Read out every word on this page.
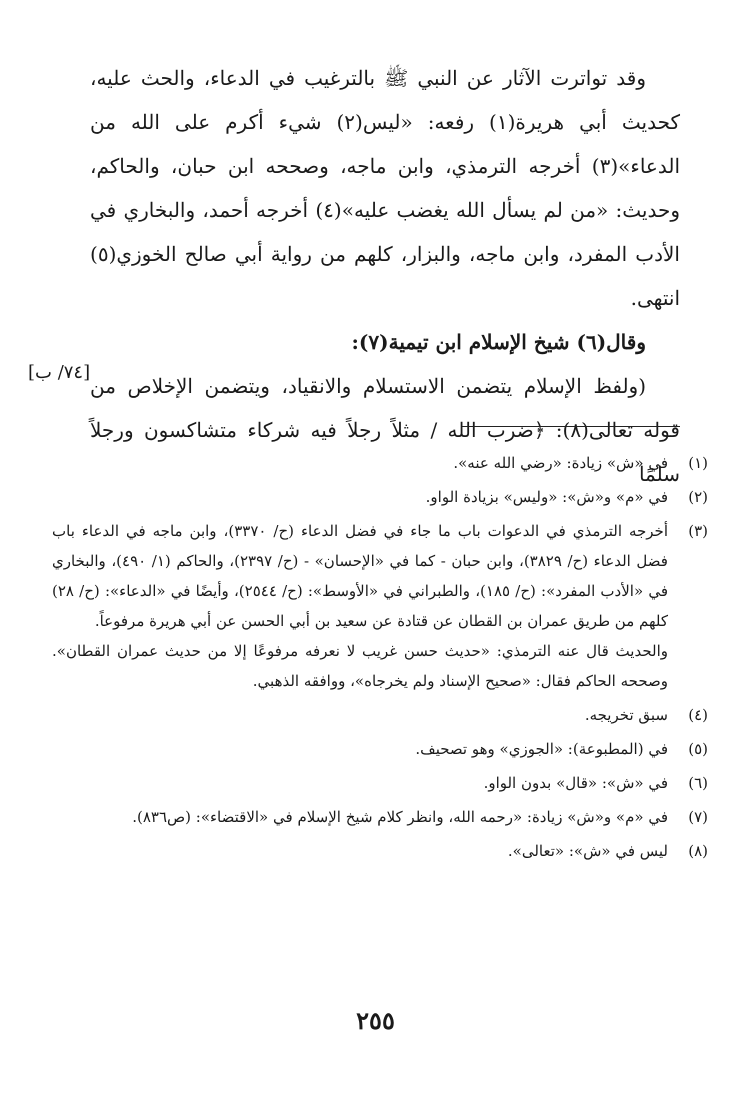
وقد تواترت الآثار عن النبي ﷺ بالترغيب في الدعاء، والحث عليه، كحديث أبي هريرة(١) رفعه: «ليس(٢) شيء أكرم على الله من الدعاء»(٣) أخرجه الترمذي، وابن ماجه، وصححه ابن حبان، والحاكم، وحديث: «من لم يسأل الله يغضب عليه»(٤) أخرجه أحمد، والبخاري في الأدب المفرد، وابن ماجه، والبزار، كلهم من رواية أبي صالح الخوزي(٥) انتهى.

وقال(٦) شيخ الإسلام ابن تيمية(٧):

(ولفظ الإسلام يتضمن الاستسلام والانقياد، ويتضمن الإخلاص من قوله تعالى(٨): ﴿ضرب الله / مثلاً رجلاً فيه شركاء متشاكسون ورجلاً سلمًا

[٧٤/ ب]
(١)
في «ش» زيادة: «رضي الله عنه».
(٢)
في «م» و«ش»: «وليس» بزيادة الواو.
(٣)
أخرجه الترمذي في الدعوات باب ما جاء في فضل الدعاء (ح/ ٣٣٧٠)، وابن ماجه في الدعاء باب فضل الدعاء (ح/ ٣٨٢٩)، وابن حبان - كما في «الإحسان» - (ح/ ٢٣٩٧)، والحاكم (١/ ٤٩٠)، والبخاري في «الأدب المفرد»: (ح/ ١٨٥)، والطبراني في «الأوسط»: (ح/ ٢٥٤٤)، وأيضًا في «الدعاء»: (ح/ ٢٨) كلهم من طريق عمران بن القطان عن قتادة عن سعيد بن أبي الحسن عن أبي هريرة مرفوعاً.
والحديث قال عنه الترمذي: «حديث حسن غريب لا نعرفه مرفوعًا إلا من حديث عمران القطان». وصححه الحاكم فقال: «صحيح الإسناد ولم يخرجاه»، ووافقه الذهبي.
(٤)
سبق تخريجه.
(٥)
في (المطبوعة): «الجوزي» وهو تصحيف.
(٦)
في «ش»: «قال» بدون الواو.
(٧)
في «م» و«ش» زيادة: «رحمه الله، وانظر كلام شيخ الإسلام في «الاقتضاء»: (ص٨٣٦).
(٨)
ليس في «ش»: «تعالى».
٢٥٥
